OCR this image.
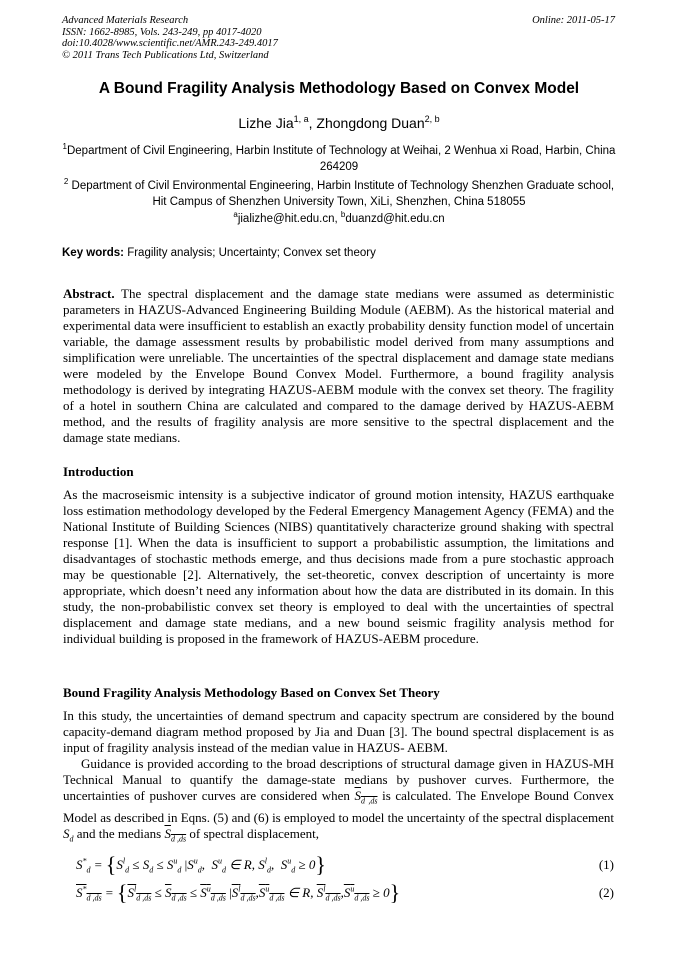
Advanced Materials Research
ISSN: 1662-8985, Vols. 243-249, pp 4017-4020
doi:10.4028/www.scientific.net/AMR.243-249.4017
© 2011 Trans Tech Publications Ltd, Switzerland
Online: 2011-05-17
A Bound Fragility Analysis Methodology Based on Convex Model
Lizhe Jia$^{1, a}$, Zhongdong Duan$^{2, b}$
$^1$Department of Civil Engineering, Harbin Institute of Technology at Weihai, 2 Wenhua xi Road, Harbin, China 264209
$^2$ Department of Civil Environmental Engineering, Harbin Institute of Technology Shenzhen Graduate school, Hit Campus of Shenzhen University Town, XiLi, Shenzhen, China 518055
$^a$jializhe@hit.edu.cn, $^b$duanzd@hit.edu.cn
Key words: Fragility analysis; Uncertainty; Convex set theory
Abstract. The spectral displacement and the damage state medians were assumed as deterministic parameters in HAZUS-Advanced Engineering Building Module (AEBM). As the historical material and experimental data were insufficient to establish an exactly probability density function model of uncertain variable, the damage assessment results by probabilistic model derived from many assumptions and simplification were unreliable. The uncertainties of the spectral displacement and damage state medians were modeled by the Envelope Bound Convex Model. Furthermore, a bound fragility analysis methodology is derived by integrating HAZUS-AEBM module with the convex set theory. The fragility of a hotel in southern China are calculated and compared to the damage derived by HAZUS-AEBM method, and the results of fragility analysis are more sensitive to the spectral displacement and the damage state medians.
Introduction
As the macroseismic intensity is a subjective indicator of ground motion intensity, HAZUS earthquake loss estimation methodology developed by the Federal Emergency Management Agency (FEMA) and the National Institute of Building Sciences (NIBS) quantitatively characterize ground shaking with spectral response [1]. When the data is insufficient to support a probabilistic assumption, the limitations and disadvantages of stochastic methods emerge, and thus decisions made from a pure stochastic approach may be questionable [2]. Alternatively, the set-theoretic, convex description of uncertainty is more appropriate, which doesn’t need any information about how the data are distributed in its domain. In this study, the non-probabilistic convex set theory is employed to deal with the uncertainties of spectral displacement and damage state medians, and a new bound seismic fragility analysis method for individual building is proposed in the framework of HAZUS-AEBM procedure.
Bound Fragility Analysis Methodology Based on Convex Set Theory
In this study, the uncertainties of demand spectrum and capacity spectrum are considered by the bound capacity-demand diagram method proposed by Jia and Duan [3]. The bound spectral displacement is as input of fragility analysis instead of the median value in HAZUS- AEBM.
Guidance is provided according to the broad descriptions of structural damage given in HAZUS-MH Technical Manual to quantify the damage-state medians by pushover curves. Furthermore, the uncertainties of pushover curves are considered when $S_{d ,ds}$ is calculated. The Envelope Bound Convex Model as described in Eqns. (5) and (6) is employed to model the uncertainty of the spectral displacement $S_d$ and the medians $S_{d ,ds}$ of spectral displacement,
$S^*_d = \{S^l_d \le S_d \le S^u_d$ $|S^u_d$,  $S^u_d$ ∈ R, $S^l_d$,  $S^u_d \ge 0$}	(1)
$S^*_{d ,ds} = \{S^l_{d ,ds} \le S_{d ,ds} \le S^u_{d ,ds}$ $|S^l_{d ,ds},S^u_{d ,ds}$ ∈ R, $S^l_{d ,ds},S^u_{d ,ds} \ge 0$}	(2)
